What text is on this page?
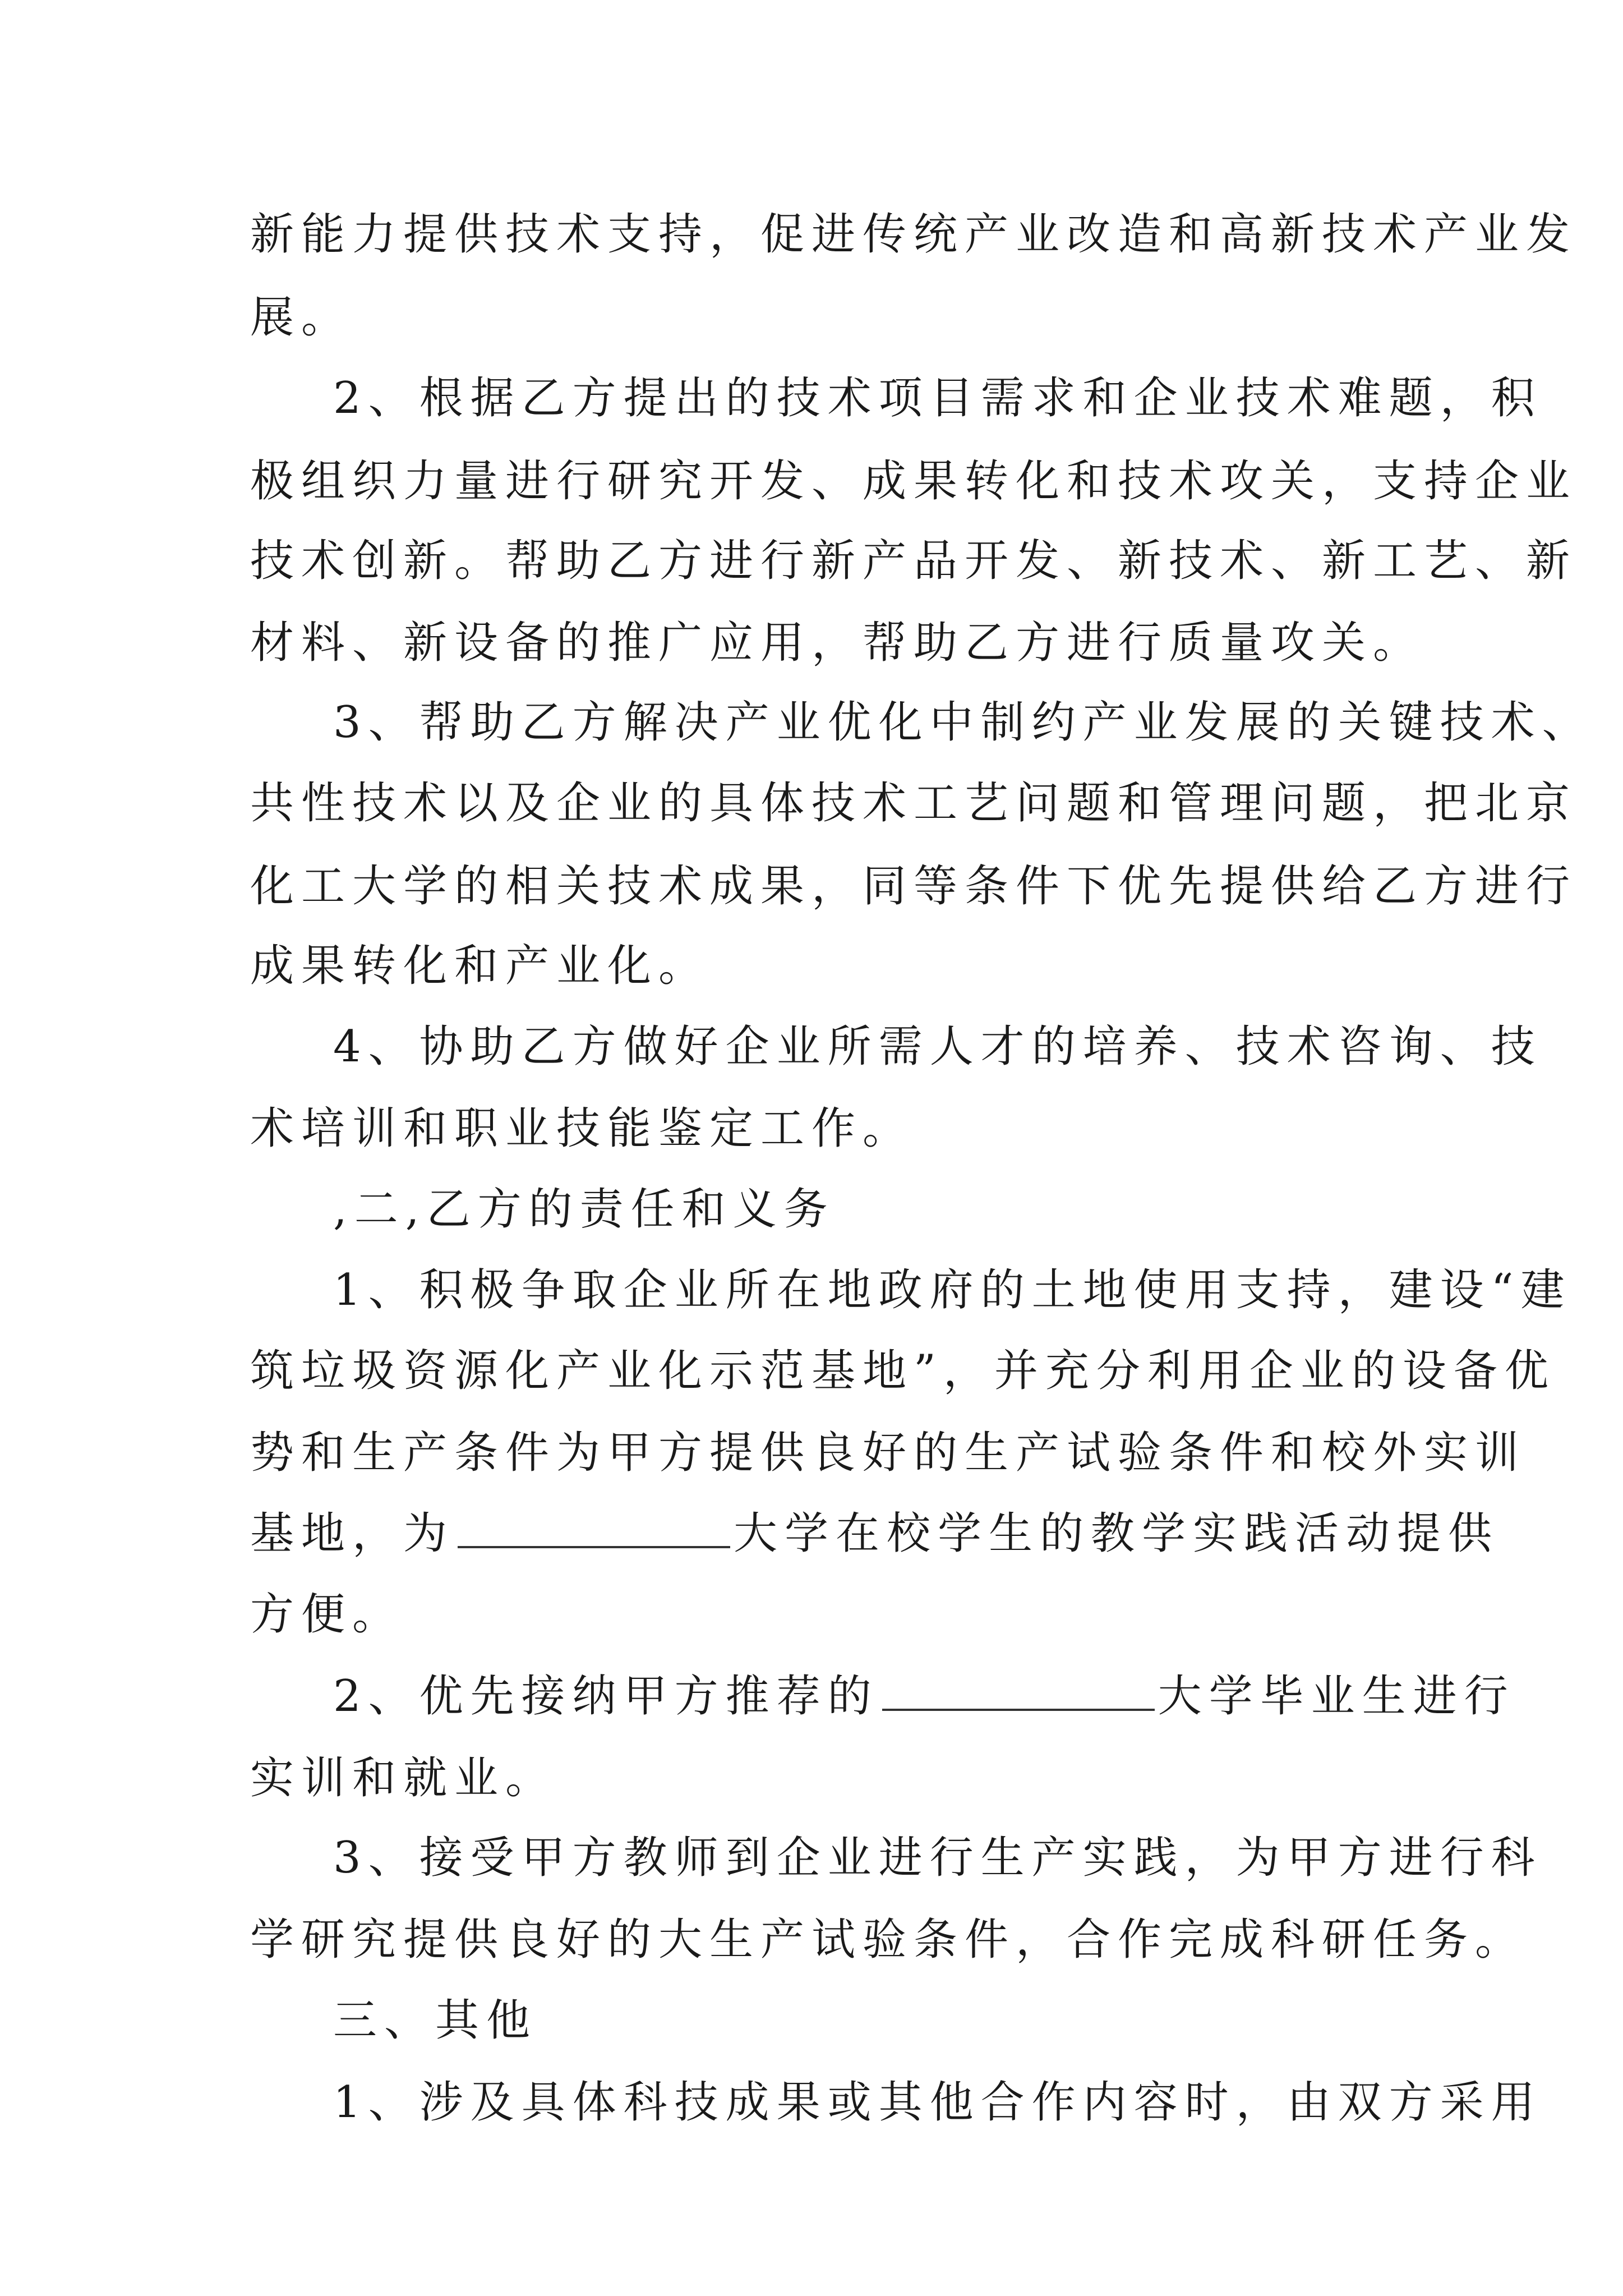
新能力提供技术支持，促进传统产业改造和高新技术产业发
展。
2、根据乙方提出的技术项目需求和企业技术难题，积
极组织力量进行研究开发、成果转化和技术攻关，支持企业
技术创新。帮助乙方进行新产品开发、新技术、新工艺、新
材料、新设备的推广应用，帮助乙方进行质量攻关。
3、帮助乙方解决产业优化中制约产业发展的关键技术、
共性技术以及企业的具体技术工艺问题和管理问题，把北京
化工大学的相关技术成果，同等条件下优先提供给乙方进行
成果转化和产业化。
4、协助乙方做好企业所需人才的培养、技术咨询、技
术培训和职业技能鉴定工作。
,二,乙方的责任和义务
1、积极争取企业所在地政府的土地使用支持，建设“建
筑垃圾资源化产业化示范基地”，并充分利用企业的设备优
势和生产条件为甲方提供良好的生产试验条件和校外实训
基地，为	大学在校学生的教学实践活动提供
方便。
2、优先接纳甲方推荐的	大学毕业生进行
实训和就业。
3、接受甲方教师到企业进行生产实践，为甲方进行科
学研究提供良好的大生产试验条件，合作完成科研任务。
三、其他
1、涉及具体科技成果或其他合作内容时，由双方采用
